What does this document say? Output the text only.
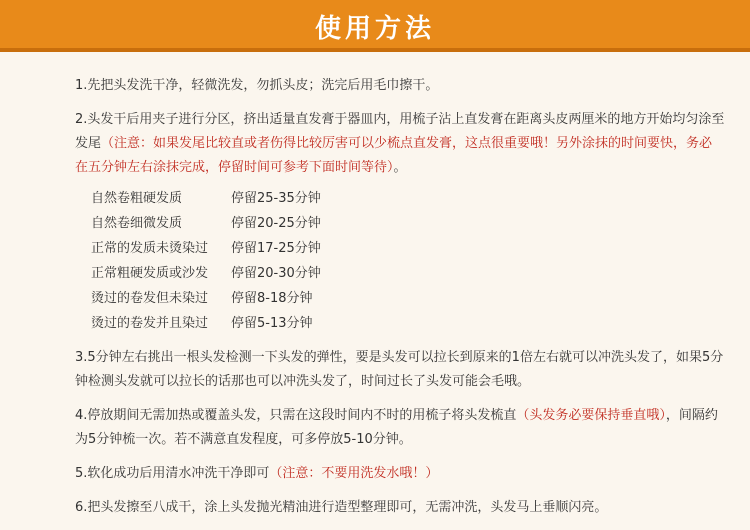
使用方法

1.先把头发洗干净，轻微洗发，勿抓头皮；洗完后用毛巾擦干。

2.头发干后用夹子进行分区，挤出适量直发膏于器皿内，用梳子沾上直发膏在距离头皮两厘米的地方开始均匀涂至发尾（注意：如果发尾比较直或者伤得比较厉害可以少梳点直发膏，这点很重要哦！另外涂抹的时间要快，务必在五分钟左右涂抹完成，停留时间可参考下面时间等待）。

自然卷粗硬发质	停留25-35分钟
自然卷细微发质	停留20-25分钟
正常的发质未烫染过	停留17-25分钟
正常粗硬发质或沙发	停留20-30分钟
烫过的卷发但未染过	停留8-18分钟
烫过的卷发并且染过	停留5-13分钟

3.5分钟左右挑出一根头发检测一下头发的弹性，要是头发可以拉长到原来的1倍左右就可以冲洗头发了，如果5分钟检测头发就可以拉长的话那也可以冲洗头发了，时间过长了头发可能会毛哦。

4.停放期间无需加热或覆盖头发，只需在这段时间内不时的用梳子将头发梳直（头发务必要保持垂直哦），间隔约为5分钟梳一次。若不满意直发程度，可多停放5-10分钟。

5.软化成功后用清水冲洗干净即可（注意：不要用洗发水哦！）

6.把头发擦至八成干，涂上头发抛光精油进行造型整理即可，无需冲洗，头发马上垂顺闪亮。
